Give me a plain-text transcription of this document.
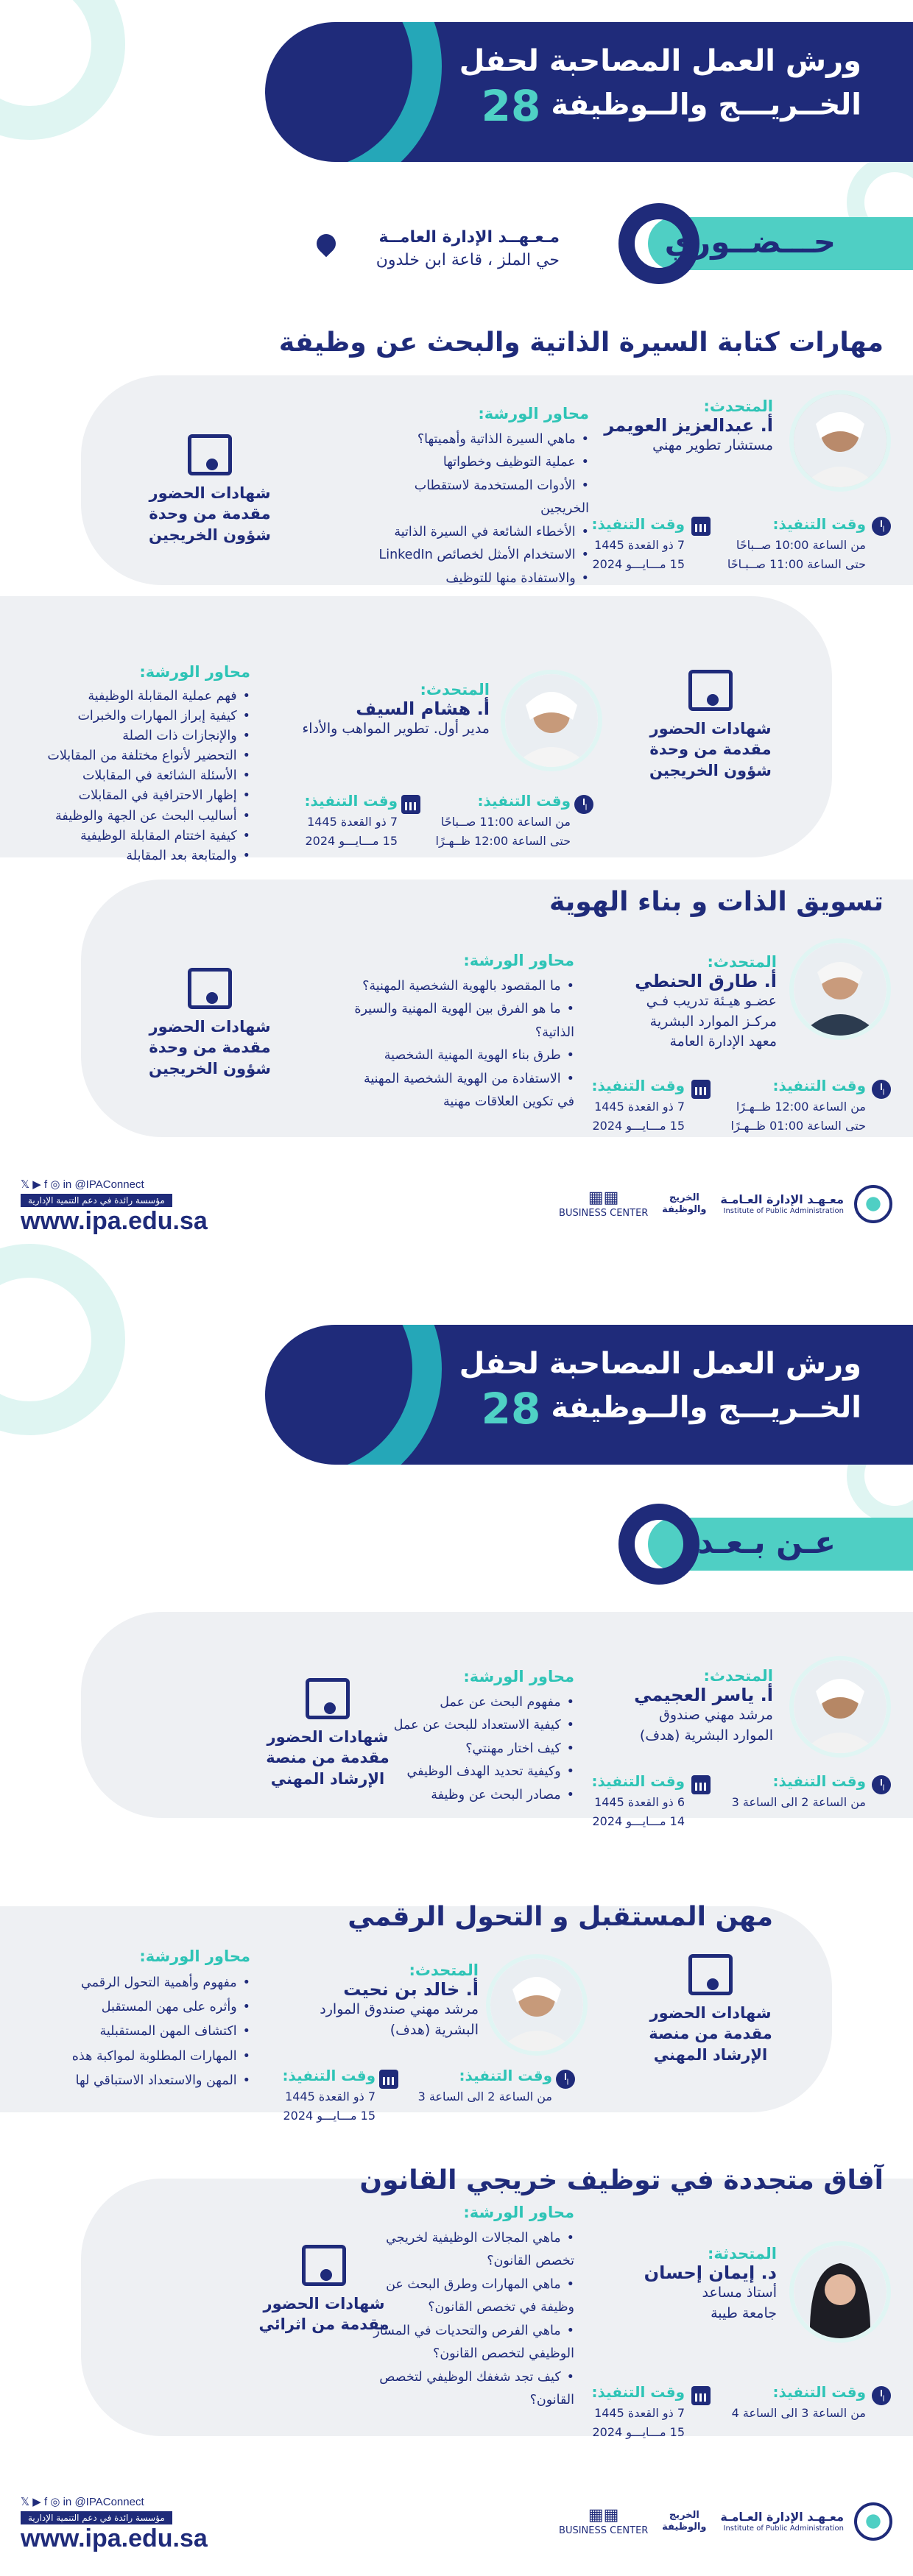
ورش العمل المصاحبة لحفل
الخــريـــج والــوظيفة28
حـــضــوري
مـعـهــد الإدارة العامــة
حي الملز ، قاعة ابن خلدون
مهارات كتابة السيرة الذاتية والبحث عن وظيفة
المتحدث:
أ. عبدالعزيز العويمر
مستشار تطوير مهني
محاور الورشة:
• ماهي السيرة الذاتية وأهميتها؟
• عملية التوظيف وخطواتها
• الأدوات المستخدمة لاستقطاب الخريجين
• الأخطاء الشائعة في السيرة الذاتية
• الاستخدام الأمثل لخصائص LinkedIn
• والاستفادة منها للتوظيف
شهادات الحضور مقدمة من وحدة شؤون الخريجين
وقت التنفيذ:
من الساعة 10:00 صــباحًا
حتى الساعة 11:00 صــبـاحًا
وقت التنفيذ:
7 ذو القعدة 1445
15 مـــايـــو 2024
محاور الورشة:
• فهم عملية المقابلة الوظيفية
• كيفية إبراز المهارات والخبرات
• والإنجازات ذات الصلة
• التحضير لأنواع مختلفة من المقابلات
• الأسئلة الشائعة في المقابلات
• إظهار الاحترافية في المقابلات
• أساليب البحث عن الجهة والوظيفة
• كيفية اختتام المقابلة الوظيفية
• والمتابعة بعد المقابلة
المتحدث:
أ. هشام السيف
مدير أول. تطوير المواهب والأداء	شهادات الحضور مقدمة من وحدة شؤون الخريجين
وقت التنفيذ:
من الساعة 11:00 صــباحًا
حتى الساعة 12:00 ظــهـرًا
وقت التنفيذ:
7 ذو القعدة 1445
15 مـــايـــو 2024
تسويق الذات و بناء الهوية
المتحدث:
أ. طارق الحنطي
عضـو هيـئة تدريب فـي مركـز الموارد البشرية معهد الإدارة العامة
محاور الورشة:
• ما المقصود بالهوية الشخصية المهنية؟
• ما هو الفرق بين الهوية المهنية والسيرة الذاتية؟
• طرق بناء الهوية المهنية الشخصية
• الاستفادة من الهوية الشخصية المهنية في تكوين العلاقات مهنية
شهادات الحضور مقدمة من وحدة شؤون الخريجين
وقت التنفيذ:
من الساعة 12:00 ظــهـرًا
حتى الساعة 01:00 ظــهـرًا
وقت التنفيذ:
7 ذو القعدة 1445
15 مـــايـــو 2024
𝕏 ▶ f ◎ in @IPAConnect
مؤسسة رائدة في دعم التنمية الإدارية
www.ipa.edu.sa
▦▦
BUSINESS CENTER
الخريج والوظيفة
معـهـد الإدارة العـامـة
Institute of Public Administration
ورش العمل المصاحبة لحفل
الخــريـــج والــوظيفة28
عـن بـعـد
المتحدث:
أ. ياسر العجيمي
مرشد مهني صندوق الموارد البشرية (هدف)
محاور الورشة:
• مفهوم البحث عن عمل
• كيفية الاستعداد للبحث عن عمل
• كيف اختار مهنتي؟
• وكيفية تحديد الهدف الوظيفي
• مصادر البحث عن وظيفة
شهادات الحضور مقدمة من منصة الإرشاد المهني	وقت التنفيذ:
من الساعة 2 الى الساعة 3
وقت التنفيذ:
6 ذو القعدة 1445
14 مـــايـــو 2024
مهن المستقبل و التحول الرقمي
محاور الورشة:
• مفهوم وأهمية التحول الرقمي
• وأثره على مهن المستقبل
• اكتشاف المهن المستقبلية
• المهارات المطلوبة لمواكبة هذه
• المهن والاستعداد الاستباقي لها
المتحدث:
أ. خالد بن نحيت
مرشد مهني صندوق الموارد البشرية (هدف)
شهادات الحضور مقدمة من منصة الإرشاد المهني
وقت التنفيذ:
من الساعة 2 الى الساعة 3
وقت التنفيذ:
7 ذو القعدة 1445
15 مـــايـــو 2024
آفاق متجددة في توظيف خريجي القانون
المتحدثة:
د. إيمان إحسان
أستاذ مساعد جامعة طيبة
محاور الورشة:
• ماهي المجالات الوظيفية لخريجي تخصص القانون؟
• ماهي المهارات وطرق البحث عن وظيفة في تخصص القانون؟
• ماهي الفرص والتحديات في المسار الوظيفي لتخصص القانون؟
• كيف تجد شغفك الوظيفي لتخصص القانون؟
شهادات الحضور مقدمة من اثرائي
وقت التنفيذ:
من الساعة 3 الى الساعة 4
وقت التنفيذ:
7 ذو القعدة 1445
15 مـــايـــو 2024
𝕏 ▶ f ◎ in @IPAConnect
مؤسسة رائدة في دعم التنمية الإدارية
www.ipa.edu.sa
▦▦
BUSINESS CENTER
الخريج والوظيفة
معـهـد الإدارة العـامـة
Institute of Public Administration
